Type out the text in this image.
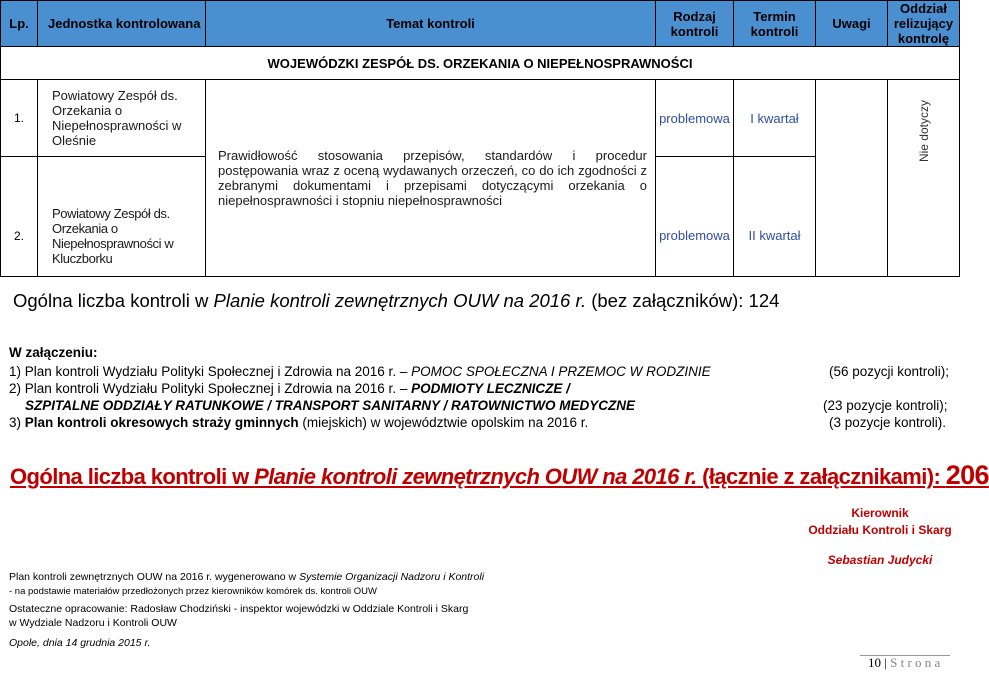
Lp.	Jednostka kontrolowana	Temat kontroli	Rodzaj kontroli	Termin kontroli	Uwagi	Oddział relizujący kontrolę
WOJEWÓDZKI ZESPÓŁ DS. ORZEKANIA O NIEPEŁNOSPRAWNOŚCI						
1.	Powiatowy Zespół ds. Orzekania o Niepełnosprawności w Oleśnie	Prawidłowość stosowania przepisów, standardów i procedur postępowania wraz z oceną wydawanych orzeczeń, co do ich zgodności z zebranymi dokumentami i przepisami dotyczącymi orzekania o niepełnosprawności i stopniu niepełnosprawności	problemowa	I kwartał		Nie dotyczy
2.	Powiatowy Zespół ds. Orzekania o Niepełnosprawności w Kluczborku		problemowa	II kwartał		
Ogólna liczba kontroli w Planie kontroli zewnętrznych OUW na 2016 r. (bez załączników): 124
W załączeniu:
1) Plan kontroli Wydziału Polityki Społecznej i Zdrowia na 2016 r. – POMOC SPOŁECZNA I PRZEMOC W RODZINIE	(56 pozycji kontroli);
2) Plan kontroli Wydziału Polityki Społecznej i Zdrowia na 2016 r. – PODMIOTY LECZNICZE /
SZPITALNE ODDZIAŁY RATUNKOWE / TRANSPORT SANITARNY / RATOWNICTWO MEDYCZNE	(23 pozycje kontroli);
3) Plan kontroli okresowych straży gminnych (miejskich) w województwie opolskim na 2016 r.	(3 pozycje kontroli).
Ogólna liczba kontroli w Planie kontroli zewnętrznych OUW na 2016 r. (łącznie z załącznikami): 206
Kierownik
Oddziału Kontroli i Skarg
Sebastian Judycki
Plan kontroli zewnętrznych OUW na 2016 r. wygenerowano w Systemie Organizacji Nadzoru i Kontroli
- na podstawie materiałów przedłożonych przez kierowników komórek ds. kontroli OUW
Ostateczne opracowanie: Radosław Chodziński - inspektor wojewódzki w Oddziale Kontroli i Skarg
w Wydziale Nadzoru i Kontroli OUW
Opole, dnia 14 grudnia 2015 r.
10 | S t r o n a
